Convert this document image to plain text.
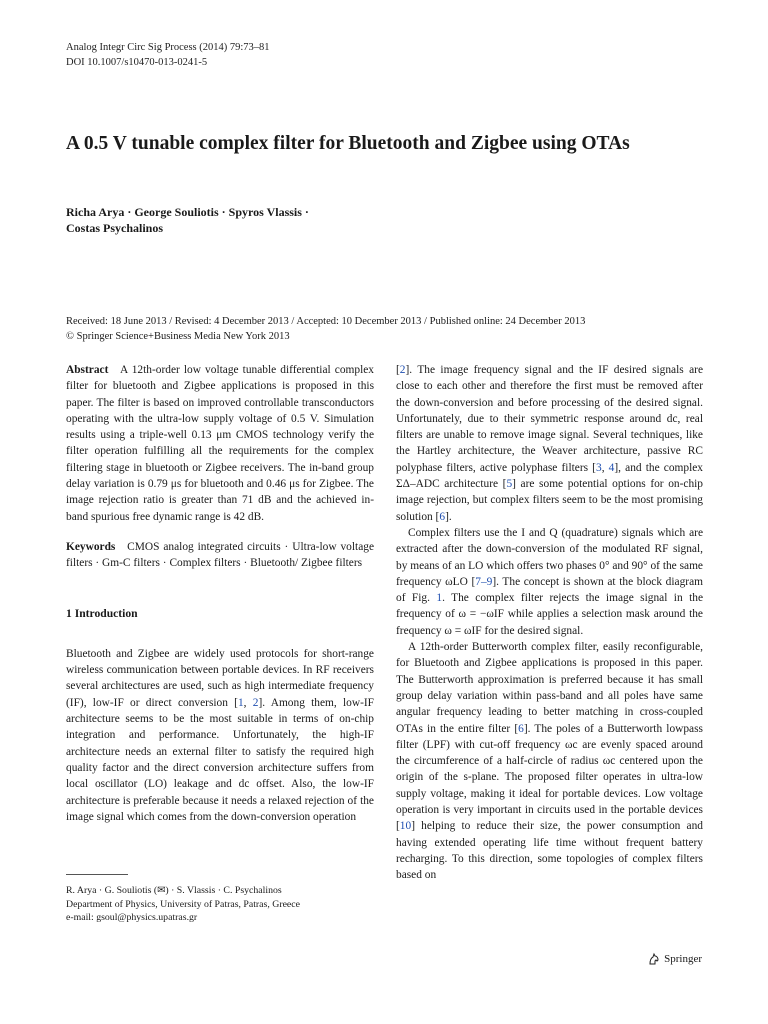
Analog Integr Circ Sig Process (2014) 79:73–81
DOI 10.1007/s10470-013-0241-5
A 0.5 V tunable complex filter for Bluetooth and Zigbee using OTAs
Richa Arya · George Souliotis · Spyros Vlassis ·
Costas Psychalinos
Received: 18 June 2013 / Revised: 4 December 2013 / Accepted: 10 December 2013 / Published online: 24 December 2013
© Springer Science+Business Media New York 2013

Abstract A 12th-order low voltage tunable differential complex filter for bluetooth and Zigbee applications is proposed in this paper. The filter is based on improved controllable transconductors operating with the ultra-low supply voltage of 0.5 V. Simulation results using a triple-well 0.13 μm CMOS technology verify the filter operation fulfilling all the requirements for the complex filtering stage in bluetooth or Zigbee receivers. The in-band group delay variation is 0.79 μs for bluetooth and 0.46 μs for Zigbee. The image rejection ratio is greater than 71 dB and the achieved in-band spurious free dynamic range is 42 dB.

Keywords CMOS analog integrated circuits · Ultra-low voltage filters · Gm-C filters · Complex filters · Bluetooth/ Zigbee filters

1 Introduction

Bluetooth and Zigbee are widely used protocols for short-range wireless communication between portable devices. In RF receivers several architectures are used, such as high intermediate frequency (IF), low-IF or direct conversion [1, 2]. Among them, low-IF architecture seems to be the most suitable in terms of on-chip integration and performance. Unfortunately, the high-IF architecture needs an external filter to satisfy the required high quality factor and the direct conversion architecture suffers from local oscillator (LO) leakage and dc offset. Also, the low-IF architecture is preferable because it needs a relaxed rejection of the image signal which comes from the down-conversion operation

[2]. The image frequency signal and the IF desired signals are close to each other and therefore the first must be removed after the down-conversion and before processing of the desired signal. Unfortunately, due to their symmetric response around dc, real filters are unable to remove image signal. Several techniques, like the Hartley architecture, the Weaver architecture, passive RC polyphase filters, active polyphase filters [3, 4], and the complex ΣΔ–ADC architecture [5] are some potential options for on-chip image rejection, but complex filters seem to be the most promising solution [6].

Complex filters use the I and Q (quadrature) signals which are extracted after the down-conversion of the modulated RF signal, by means of an LO which offers two phases 0° and 90° of the same frequency ωLO [7–9]. The concept is shown at the block diagram of Fig. 1. The complex filter rejects the image signal in the frequency of ω = −ωIF while applies a selection mask around the frequency ω = ωIF for the desired signal.

A 12th-order Butterworth complex filter, easily reconfigurable, for Bluetooth and Zigbee applications is proposed in this paper. The Butterworth approximation is preferred because it has small group delay variation within pass-band and all poles have same angular frequency leading to better matching in cross-coupled OTAs in the entire filter [6]. The poles of a Butterworth lowpass filter (LPF) with cut-off frequency ωc are evenly spaced around the circumference of a half-circle of radius ωc centered upon the origin of the s-plane. The proposed filter operates in ultra-low supply voltage, making it ideal for portable devices. Low voltage operation is very important in circuits used in the portable devices [10] helping to reduce their size, the power consumption and having extended operating life time without frequent battery recharging. To this direction, some topologies of complex filters based on

R. Arya · G. Souliotis (✉) · S. Vlassis · C. Psychalinos
Department of Physics, University of Patras, Patras, Greece
e-mail: gsoul@physics.upatras.gr
Springer
